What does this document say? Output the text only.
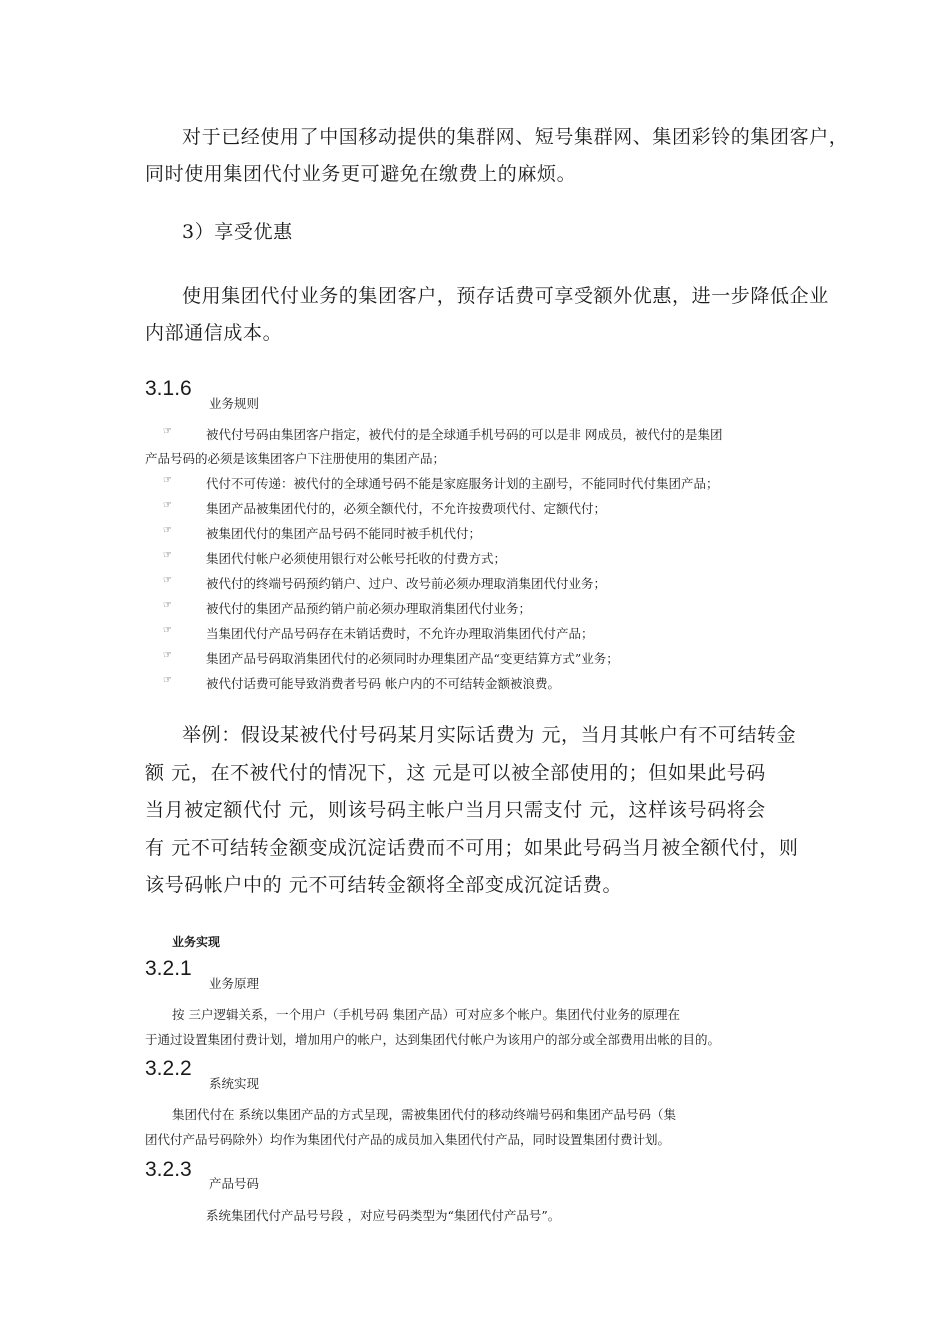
对于已经使用了中国移动提供的集群网、短号集群网、集团彩铃的集团客户，
同时使用集团代付业务更可避免在缴费上的麻烦。
3）享受优惠
使用集团代付业务的集团客户，预存话费可享受额外优惠，进一步降低企业
内部通信成本。
3.1.6
业务规则
☞	被代付号码由集团客户指定，被代付的是全球通手机号码的可以是非 网成员，被代付的是集团
产品号码的必须是该集团客户下注册使用的集团产品；
☞	代付不可传递：被代付的全球通号码不能是家庭服务计划的主副号，不能同时代付集团产品；
☞	集团产品被集团代付的，必须全额代付，不允许按费项代付、定额代付；
☞	被集团代付的集团产品号码不能同时被手机代付；
☞	集团代付帐户必须使用银行对公帐号托收的付费方式；
☞	被代付的终端号码预约销户、过户、改号前必须办理取消集团代付业务；
☞	被代付的集团产品预约销户前必须办理取消集团代付业务；
☞	当集团代付产品号码存在未销话费时，不允许办理取消集团代付产品；
☞	集团产品号码取消集团代付的必须同时办理集团产品“变更结算方式”业务；
☞	被代付话费可能导致消费者号码 帐户内的不可结转金额被浪费。
举例：假设某被代付号码某月实际话费为 元，当月其帐户有不可结转金
额 元，在不被代付的情况下，这 元是可以被全部使用的；但如果此号码
当月被定额代付 元，则该号码主帐户当月只需支付 元，这样该号码将会
有 元不可结转金额变成沉淀话费而不可用；如果此号码当月被全额代付，则
该号码帐户中的 元不可结转金额将全部变成沉淀话费。
业务实现
3.2.1
业务原理
按 三户逻辑关系，一个用户（手机号码 集团产品）可对应多个帐户。集团代付业务的原理在
于通过设置集团付费计划，增加用户的帐户，达到集团代付帐户为该用户的部分或全部费用出帐的目的。
3.2.2
系统实现
集团代付在 系统以集团产品的方式呈现，需被集团代付的移动终端号码和集团产品号码（集
团代付产品号码除外）均作为集团代付产品的成员加入集团代付产品，同时设置集团付费计划。
3.2.3
产品号码
系统集团代付产品号号段 ，对应号码类型为“集团代付产品号”。
